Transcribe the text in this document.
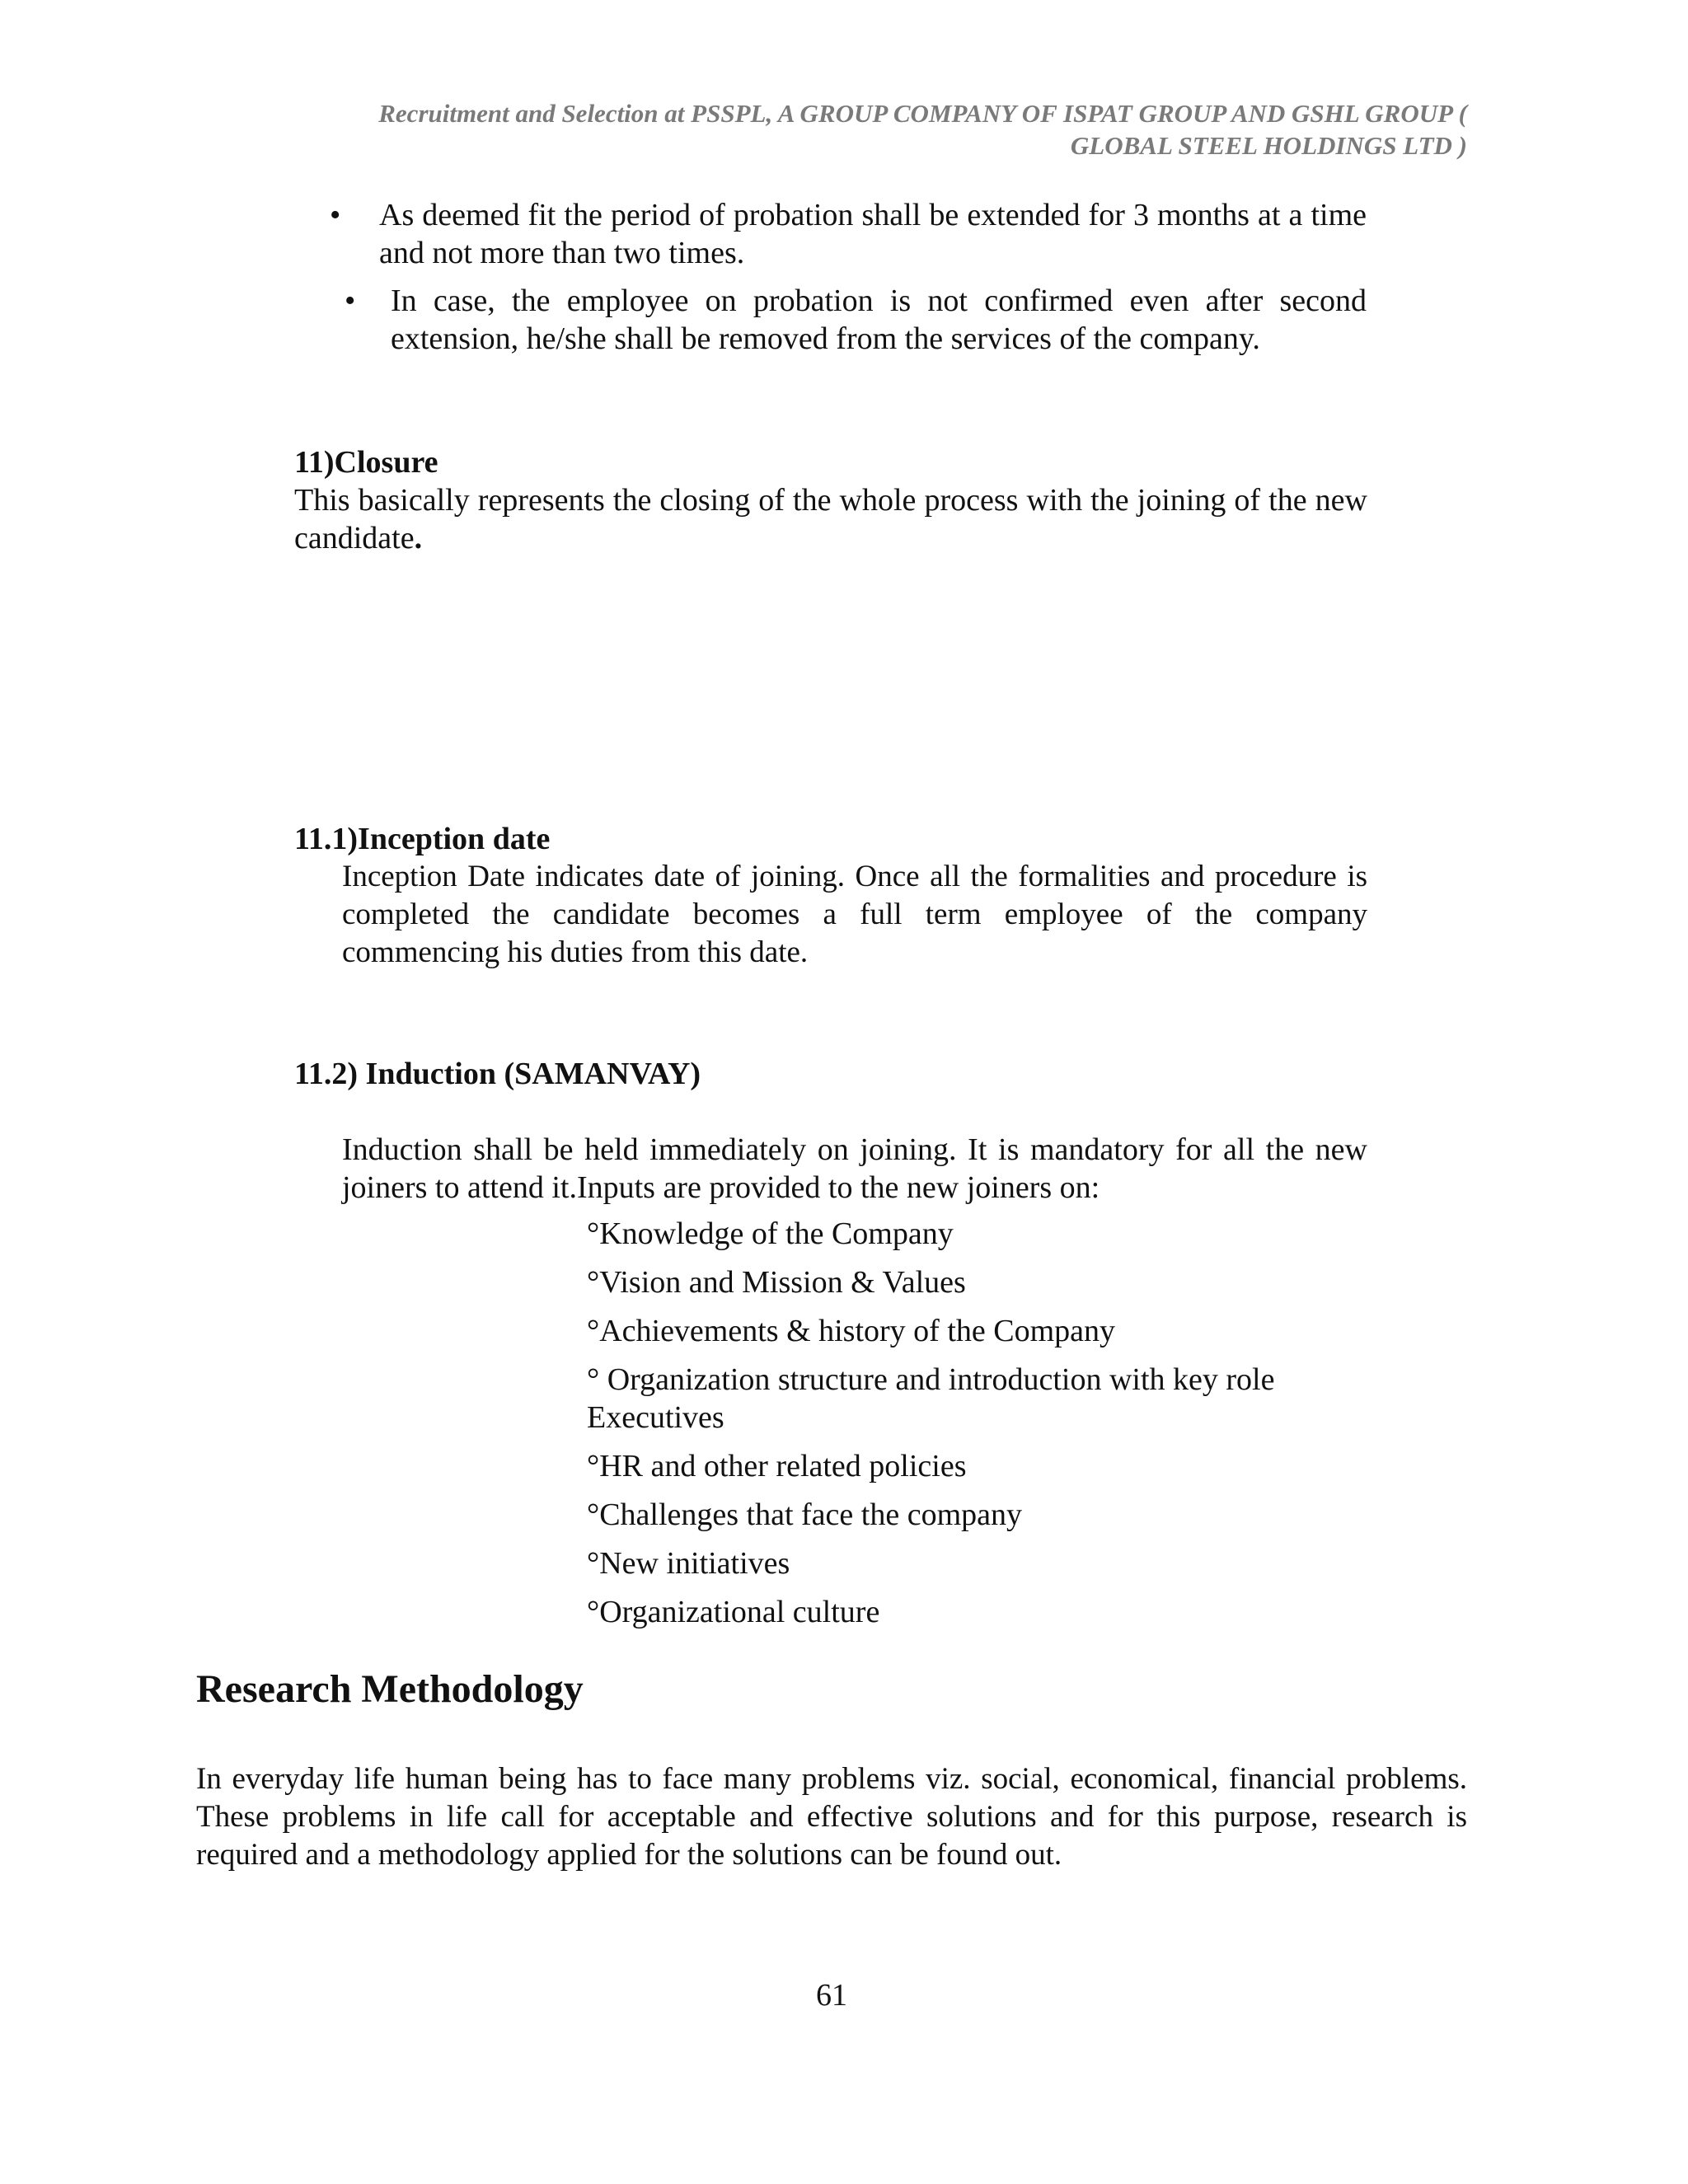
Recruitment and Selection at PSSPL, A GROUP COMPANY OF ISPAT GROUP AND GSHL GROUP (
GLOBAL STEEL HOLDINGS LTD )
• As deemed fit the period of probation shall be extended for 3 months at a time and not more than two times.
• In case, the employee on probation is not confirmed even after second extension, he/she shall be removed from the services of the company.
11)Closure
This basically represents the closing of the whole process with the joining of the new candidate.
11.1)Inception date
Inception Date indicates date of joining. Once all the formalities and procedure is completed the candidate becomes a full term employee of the company commencing his duties from this date.
11.2) Induction (SAMANVAY)
Induction shall be held immediately on joining. It is mandatory for all the new joiners to attend it.Inputs are provided to the new joiners on:
°Knowledge of the Company
°Vision and Mission & Values
°Achievements & history of the Company
° Organization structure and introduction with key role Executives
°HR and other related policies
°Challenges that face the company
°New initiatives
°Organizational culture
Research Methodology
In everyday life human being has to face many problems viz. social, economical, financial problems. These problems in life call for acceptable and effective solutions and for this purpose, research is required and a methodology applied for the solutions can be found out.
61
